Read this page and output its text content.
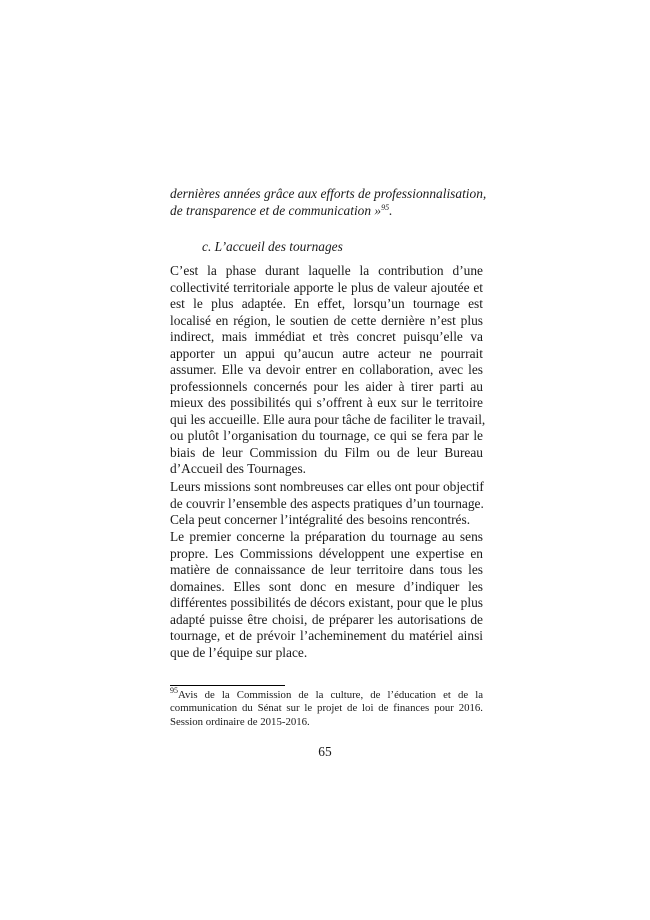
dernières années grâce aux efforts de professionnalisation,
de transparence et de communication »$^{95}$.
c. L’accueil des tournages
C’est la phase durant laquelle la contribution d’une
collectivité territoriale apporte le plus de valeur ajoutée et
est le plus adaptée. En effet, lorsqu’un tournage est
localisé en région, le soutien de cette dernière n’est plus
indirect, mais immédiat et très concret puisqu’elle va
apporter un appui qu’aucun autre acteur ne pourrait
assumer. Elle va devoir entrer en collaboration, avec les
professionnels concernés pour les aider à tirer parti au
mieux des possibilités qui s’offrent à eux sur le territoire
qui les accueille. Elle aura pour tâche de faciliter le travail,
ou plutôt l’organisation du tournage, ce qui se fera par le
biais de leur Commission du Film ou de leur Bureau
d’Accueil des Tournages.
Leurs missions sont nombreuses car elles ont pour objectif
de couvrir l’ensemble des aspects pratiques d’un tournage.
Cela peut concerner l’intégralité des besoins rencontrés.
Le premier concerne la préparation du tournage au sens
propre. Les Commissions développent une expertise en
matière de connaissance de leur territoire dans tous les
domaines. Elles sont donc en mesure d’indiquer les
différentes possibilités de décors existant, pour que le plus
adapté puisse être choisi, de préparer les autorisations de
tournage, et de prévoir l’acheminement du matériel ainsi
que de l’équipe sur place.
$^{95}$Avis de la Commission de la culture, de l’éducation et de la
communication du Sénat sur le projet de loi de finances pour 2016.
Session ordinaire de 2015-2016.
65
